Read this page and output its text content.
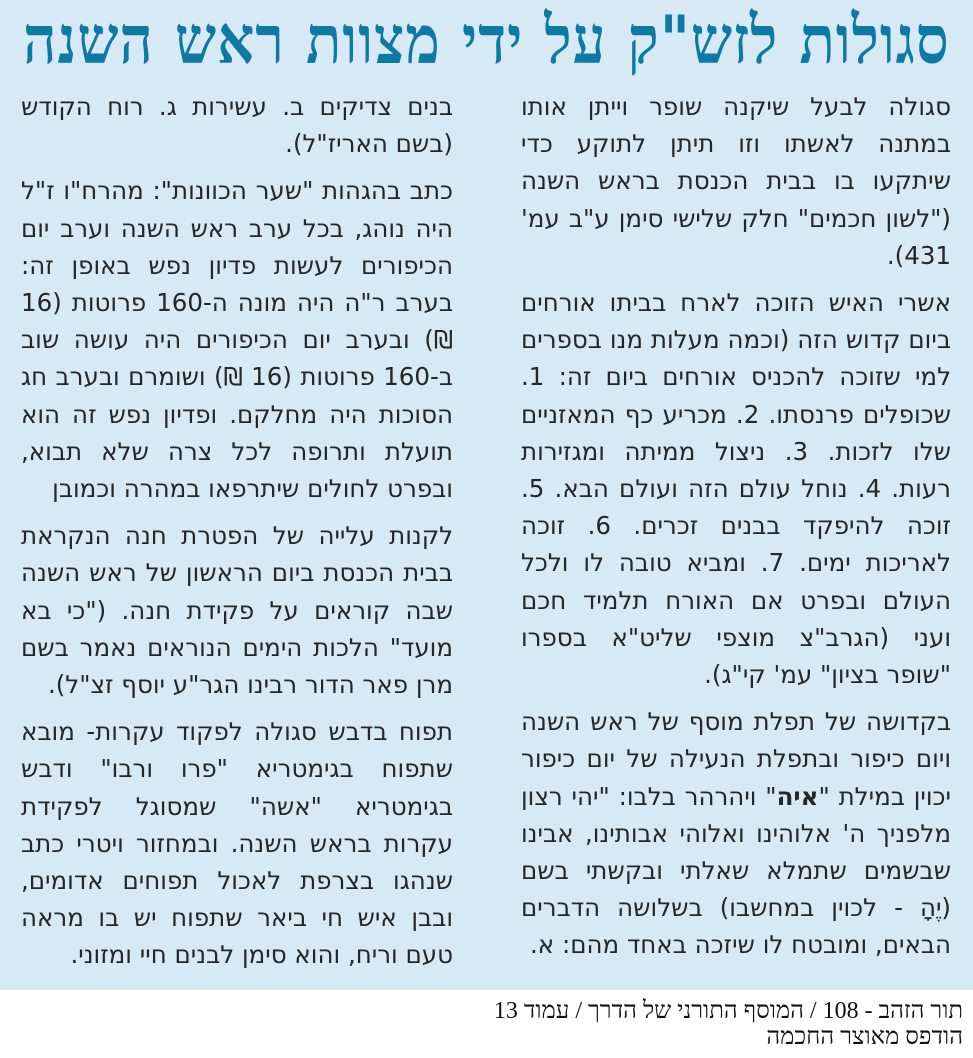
סגולות לזש"ק על ידי מצוות ראש השנה

סגולה לבעל שיקנה שופר וייתן אותו במתנה לאשתו וזו תיתן לתוקע כדי שיתקעו בו בבית הכנסת בראש השנה ("לשון חכמים" חלק שלישי סימן ע"ב עמ' 431).

אשרי האיש הזוכה לארח בביתו אורחים ביום קדוש הזה (וכמה מעלות מנו בספרים למי שזוכה להכניס אורחים ביום זה: 1. שכופלים פרנסתו. 2. מכריע כף המאזניים שלו לזכות. 3. ניצול ממיתה ומגזירות רעות. 4. נוחל עולם הזה ועולם הבא. 5. זוכה להיפקד בבנים זכרים. 6. זוכה לאריכות ימים. 7. ומביא טובה לו ולכל העולם ובפרט אם האורח תלמיד חכם ועני (הגרב"צ מוצפי שליט"א בספרו "שופר בציון" עמ' קי"ג).

בקדושה של תפלת מוסף של ראש השנה ויום כיפור ובתפלת הנעילה של יום כיפור יכוין במילת "איה" ויהרהר בלבו: "יהי רצון מלפניך ה' אלוהינו ואלוהי אבותינו, אבינו שבשמים שתמלא שאלתי ובקשתי בשם (יֶהָ - לכוין במחשבו) בשלושה הדברים הבאים, ומובטח לו שיזכה באחד מהם: א.

בנים צדיקים ב. עשירות ג. רוח הקודש (בשם האריז"ל).

כתב בהגהות "שער הכוונות": מהרח"ו ז"ל היה נוהג, בכל ערב ראש השנה וערב יום הכיפורים לעשות פדיון נפש באופן זה: בערב ר"ה היה מונה ה-160 פרוטות (16 ₪) ובערב יום הכיפורים היה עושה שוב ב-160 פרוטות (16 ₪) ושומרם ובערב חג הסוכות היה מחלקם. ופדיון נפש זה הוא תועלת ותרופה לכל צרה שלא תבוא, ובפרט לחולים שיתרפאו במהרה וכמובן

לקנות עלייה של הפטרת חנה הנקראת בבית הכנסת ביום הראשון של ראש השנה שבה קוראים על פקידת חנה. ("כי בא מועד" הלכות הימים הנוראים נאמר בשם מרן פאר הדור רבינו הגר"ע יוסף זצ"ל).

תפוח בדבש סגולה לפקוד עקרות- מובא שתפוח בגימטריא "פרו ורבו" ודבש בגימטריא "אשה" שמסוגל לפקידת עקרות בראש השנה. ובמחזור ויטרי כתב שנהגו בצרפת לאכול תפוחים אדומים, ובבן איש חי ביאר שתפוח יש בו מראה טעם וריח, והוא סימן לבנים חיי ומזוני.

תור הזהב - 108 / המוסף התורני של הדרך / עמוד 13
הודפס מאוצר החכמה
